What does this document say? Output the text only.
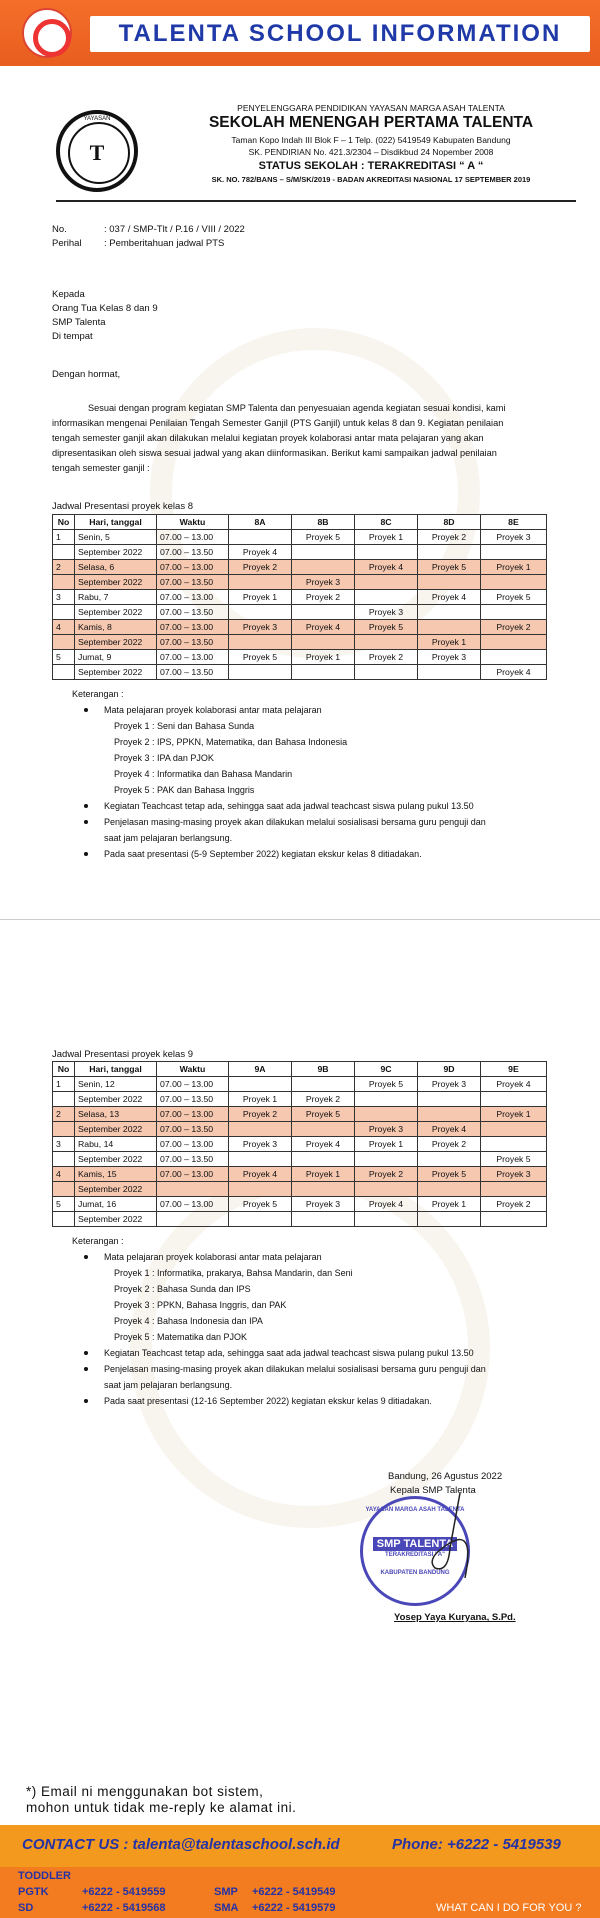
TALENTA SCHOOL INFORMATION
YAYASAN
T
PENYELENGGARA PENDIDIKAN YAYASAN MARGA ASAH TALENTA
SEKOLAH MENENGAH PERTAMA TALENTA
Taman Kopo Indah III Blok F – 1 Telp. (022) 5419549 Kabupaten Bandung
SK. PENDIRIAN No. 421.3/2304 – Disdikbud 24 Nopember 2008
STATUS SEKOLAH : TERAKREDITASI “ A “
SK. NO. 782/BANS – S/M/SK/2019 - BADAN AKREDITASI NASIONAL 17 SEPTEMBER 2019
No.	: 037 / SMP-Tlt / P.16 / VIII / 2022
Perihal : Pemberitahuan jadwal PTS
Kepada
Orang Tua Kelas 8 dan 9
SMP Talenta
Di tempat
Dengan hormat,
Sesuai dengan program kegiatan SMP Talenta dan penyesuaian agenda kegiatan sesuai kondisi, kami
informasikan mengenai Penilaian Tengah Semester Ganjil (PTS Ganjil) untuk kelas 8 dan 9. Kegiatan penilaian
tengah semester ganjil akan dilakukan melalui kegiatan proyek kolaborasi antar mata pelajaran yang akan
dipresentasikan oleh siswa sesuai jadwal yang akan diinformasikan. Berikut kami sampaikan jadwal penilaian
tengah semester ganjil :
Jadwal Presentasi proyek kelas 8
No	Hari, tanggal	Waktu	8A	8B	8C	8D	8E
1	Senin, 5	07.00 – 13.00		Proyek 5	Proyek 1	Proyek 2	Proyek 3
	September 2022	07.00 – 13.50	Proyek 4				
2	Selasa, 6	07.00 – 13.00	Proyek 2		Proyek 4	Proyek 5	Proyek 1
	September 2022	07.00 – 13.50		Proyek 3			
3	Rabu, 7	07.00 – 13.00	Proyek 1	Proyek 2		Proyek 4	Proyek 5
	September 2022	07.00 – 13.50			Proyek 3		
4	Kamis, 8	07.00 – 13.00	Proyek 3	Proyek 4	Proyek 5		Proyek 2
	September 2022	07.00 – 13.50				Proyek 1	
5	Jumat, 9	07.00 – 13.00	Proyek 5	Proyek 1	Proyek 2	Proyek 3	
	September 2022	07.00 – 13.50					Proyek 4
Keterangan :
Mata pelajaran proyek kolaborasi antar mata pelajaran
Proyek 1 : Seni dan Bahasa Sunda
Proyek 2 : IPS, PPKN, Matematika, dan Bahasa Indonesia
Proyek 3 : IPA dan PJOK
Proyek 4 : Informatika dan Bahasa Mandarin
Proyek 5 : PAK dan Bahasa Inggris
Kegiatan Teachcast tetap ada, sehingga saat ada jadwal teachcast siswa pulang pukul 13.50
Penjelasan masing-masing proyek akan dilakukan melalui sosialisasi bersama guru penguji dan
saat jam pelajaran berlangsung.
Pada saat presentasi (5-9 September 2022) kegiatan ekskur kelas 8 ditiadakan.
Jadwal Presentasi proyek kelas 9
No	Hari, tanggal	Waktu	9A	9B	9C	9D	9E
1	Senin, 12	07.00 – 13.00			Proyek 5	Proyek 3	Proyek 4
	September 2022	07.00 – 13.50	Proyek 1	Proyek 2			
2	Selasa, 13	07.00 – 13.00	Proyek 2	Proyek 5			Proyek 1
	September 2022	07.00 – 13.50			Proyek 3	Proyek 4	
3	Rabu, 14	07.00 – 13.00	Proyek 3	Proyek 4	Proyek 1	Proyek 2	
	September 2022	07.00 – 13.50					Proyek 5
4	Kamis, 15	07.00 – 13.00	Proyek 4	Proyek 1	Proyek 2	Proyek 5	Proyek 3
	September 2022						
5	Jumat, 16	07.00 – 13.00	Proyek 5	Proyek 3	Proyek 4	Proyek 1	Proyek 2
	September 2022						
Keterangan :
Mata pelajaran proyek kolaborasi antar mata pelajaran
Proyek 1 : Informatika, prakarya, Bahsa Mandarin, dan Seni
Proyek 2 : Bahasa Sunda dan IPS
Proyek 3 : PPKN, Bahasa Inggris, dan PAK
Proyek 4 : Bahasa Indonesia dan IPA
Proyek 5 : Matematika dan PJOK
Kegiatan Teachcast tetap ada, sehingga saat ada jadwal teachcast siswa pulang pukul 13.50
Penjelasan masing-masing proyek akan dilakukan melalui sosialisasi bersama guru penguji dan
saat jam pelajaran berlangsung.
Pada saat presentasi (12-16 September 2022) kegiatan ekskur kelas 9 ditiadakan.
Bandung, 26 Agustus 2022
Kepala SMP Talenta
YAYASAN MARGA ASAH TALENTA
SMP TALENTA
TERAKREDITASI "A"
KABUPATEN BANDUNG
Yosep Yaya Kuryana, S.Pd.
*) Email ni menggunakan bot sistem,
mohon untuk tidak me-reply ke alamat ini.
CONTACT US : talenta@talentaschool.sch.id	Phone: +6222 - 5419539
TODDLER
PGTK	+6222 - 5419559	SMP +6222 - 5419549
SD	+6222 - 5419568	SMA +6222 - 5419579	WHAT CAN I DO FOR YOU ?
